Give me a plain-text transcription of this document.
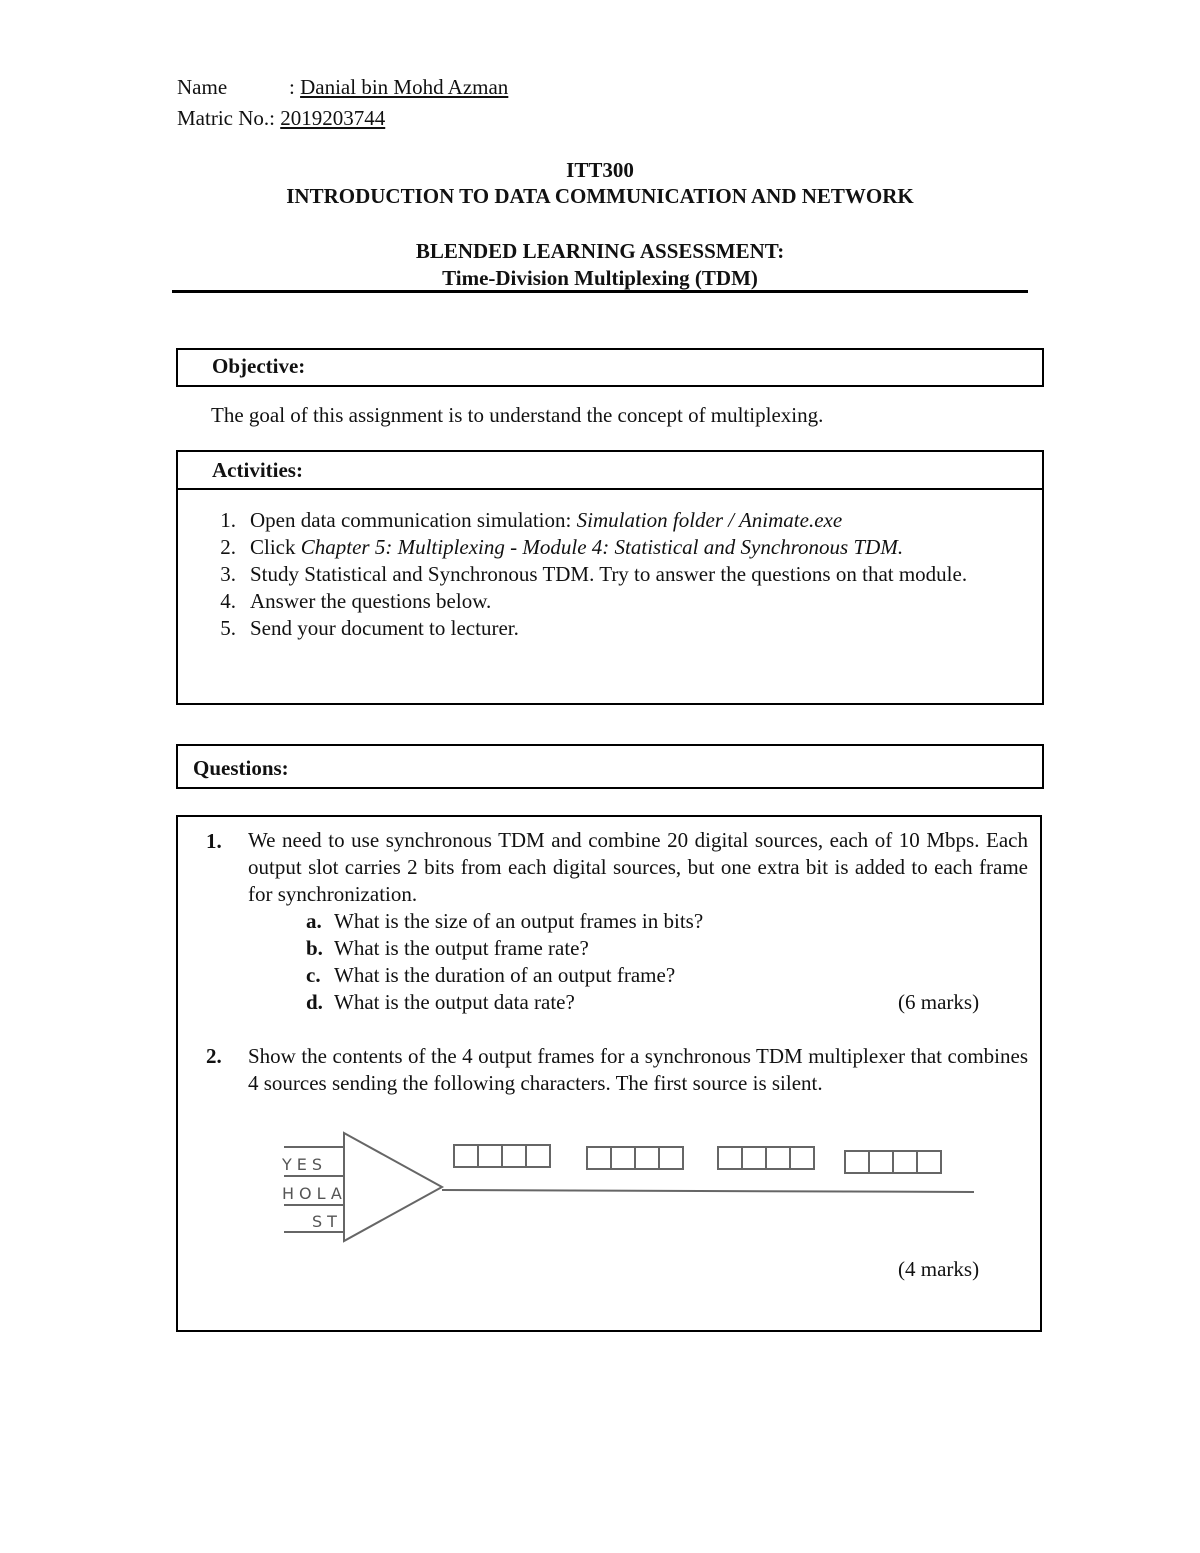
Name	: Danial bin Mohd Azman
Matric No.: 2019203744
ITT300
INTRODUCTION TO DATA COMMUNICATION AND NETWORK
BLENDED LEARNING ASSESSMENT:
Time-Division Multiplexing (TDM)
Objective:
The goal of this assignment is to understand the concept of multiplexing.
Activities:
1. Open data communication simulation: Simulation folder / Animate.exe
2. Click Chapter 5: Multiplexing - Module 4: Statistical and Synchronous TDM.
3. Study Statistical and Synchronous TDM. Try to answer the questions on that module.
4. Answer the questions below.
5. Send your document to lecturer.
Questions:
1. We need to use synchronous TDM and combine 20 digital sources, each of 10 Mbps. Each output slot carries 2 bits from each digital sources, but one extra bit is added to each frame for synchronization.
a. What is the size of an output frames in bits?
b. What is the output frame rate?
c. What is the duration of an output frame?
d. What is the output data rate?	(6 marks)
2. Show the contents of the 4 output frames for a synchronous TDM multiplexer that combines 4 sources sending the following characters. The first source is silent.
YES
HOLA
ST
(4 marks)
